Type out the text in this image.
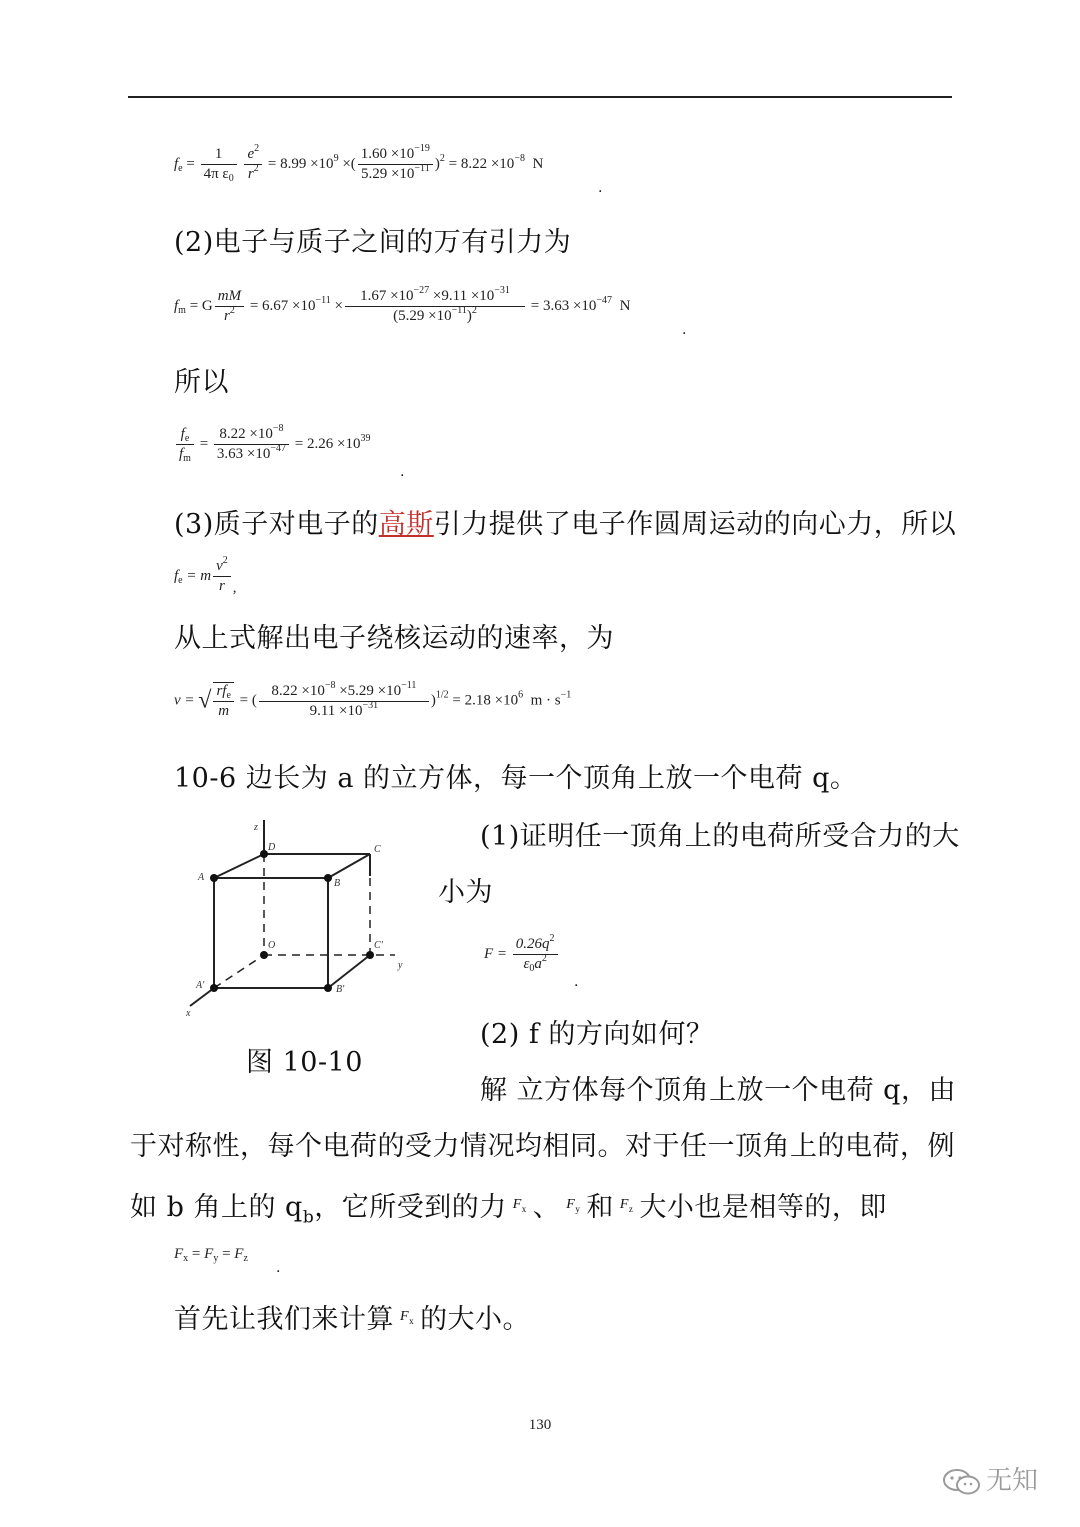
$f_e = \frac{1}{4\pi \varepsilon_0}$
$\frac{e^2}{r^2} = 8.99 \times 10^9$ ×( $\frac{1.60 \times 10^{-19}}{5.29 \times 10^{-11}} )^2 = 8.22 \times 10^{-8}$ N
.
(2)电子与质子之间的万有引力为
$f_m = G \frac{mM}{r^2} = 6.67 \times 10^{-11} \times \frac{1.67 \times 10^{-27} \times 9.11 \times 10^{-31}}{(5.29 \times 10^{-11})^2} = 3.63 \times 10^{-47}$ N
.
所以
$\frac{f_e}{f_m} = \frac{8.22 \times 10^{-8}}{3.63 \times 10^{-47}} = 2.26 \times 10^{39}$
.
(3)质子对电子的高斯引力提供了电子作圆周运动的向心力，所以
$f_e = m \frac{v^2}{r}$ ,
从上式解出电子绕核运动的速率，为
v = √ $\frac{rf_e}{m}$ = ( $\frac{8.22 \times 10^{-8} \times 5.29 \times 10^{-11}}{9.11 \times 10^{-31}} )^{1/2} = 2.18 \times 10^6$ $m \cdot s^{-1}$
10-6 边长为 a 的立方体，每一个顶角上放一个电荷 q。
z
D	C
A
B
O	C'
y
A'	B'
x
(1)证明任一顶角上的电荷所受合力的大
小为
$F = \frac{0.26q^2}{\varepsilon_0a^2}$
.
(2) f 的方向如何？
图 10-10
解 立方体每个顶角上放一个电荷 q，由
于对称性，每个电荷的受力情况均相同。对于任一顶角上的电荷，例
如 b 角上的 $q_b$，它所受到的力 $^{F_x}$ 、 $^{F_y}$ 和 $^{F_z}$ 大小也是相等的，即
$F_x = F_y = F_z$
.
首先让我们来计算 $^{F_x}$ 的大小。
130
无知
